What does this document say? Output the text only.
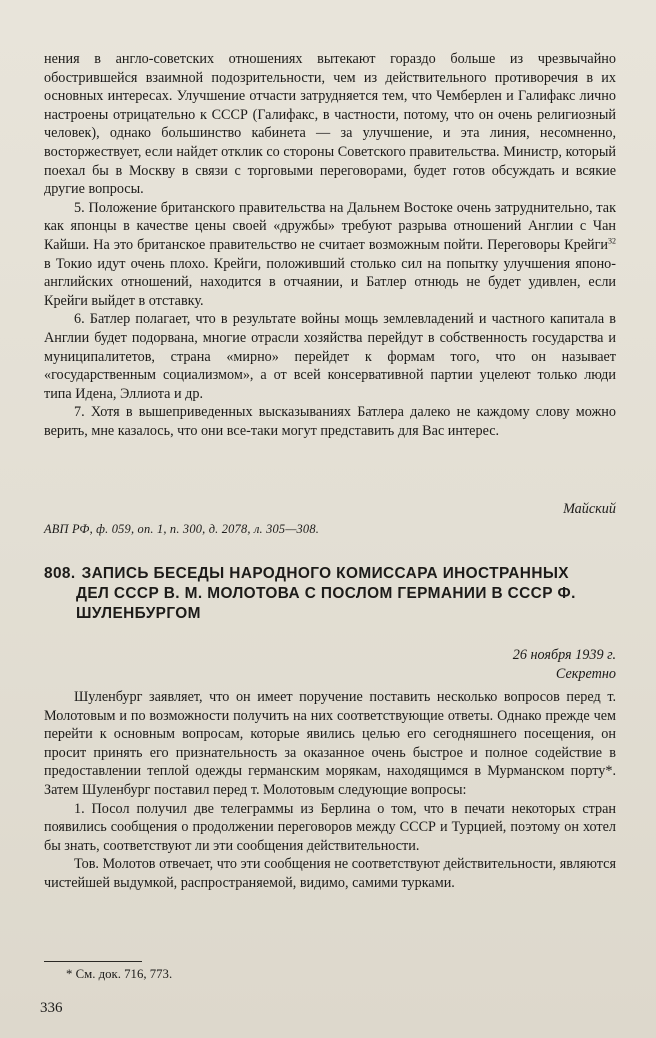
нения в англо-советских отношениях вытекают гораздо больше из чрезвычайно обострившейся взаимной подозрительности, чем из действительного противоречия в их основных интересах. Улучшение отчасти затрудняется тем, что Чемберлен и Галифакс лично настроены отрицательно к СССР (Галифакс, в частности, потому, что он очень религиозный человек), однако большинство кабинета — за улучшение, и эта линия, несомненно, восторжествует, если найдет отклик со стороны Советского правительства. Министр, который поехал бы в Москву в связи с торговыми переговорами, будет готов обсуждать и всякие другие вопросы.

5. Положение британского правительства на Дальнем Востоке очень затруднительно, так как японцы в качестве цены своей «дружбы» требуют разрыва отношений Англии с Чан Кайши. На это британское правительство не считает возможным пойти. Переговоры Крейги$^{32}$ в Токио идут очень плохо. Крейги, положивший столько сил на попытку улучшения японо-английских отношений, находится в отчаянии, и Батлер отнюдь не будет удивлен, если Крейги выйдет в отставку.

6. Батлер полагает, что в результате войны мощь землевладений и частного капитала в Англии будет подорвана, многие отрасли хозяйства перейдут в собственность государства и муниципалитетов, страна «мирно» перейдет к формам того, что он называет «государственным социализмом», а от всей консервативной партии уцелеют только люди типа Идена, Эллиота и др.

7. Хотя в вышеприведенных высказываниях Батлера далеко не каждому слову можно верить, мне казалось, что они все-таки могут представить для Вас интерес.

Майский
АВП РФ, ф. 059, оп. 1, п. 300, д. 2078, л. 305—308.
808. ЗАПИСЬ БЕСЕДЫ НАРОДНОГО КОМИССАРА ИНОСТРАННЫХ
ДЕЛ СССР В. М. МОЛОТОВА С ПОСЛОМ ГЕРМАНИИ В СССР Ф. ШУЛЕНБУРГОМ
26 ноября 1939 г.
Секретно

Шуленбург заявляет, что он имеет поручение поставить несколько вопросов перед т. Молотовым и по возможности получить на них соответствующие ответы. Однако прежде чем перейти к основным вопросам, которые явились целью его сегодняшнего посещения, он просит принять его признательность за оказанное очень быстрое и полное содействие в предоставлении теплой одежды германским морякам, находящимся в Мурманском порту*. Затем Шуленбург поставил перед т. Молотовым следующие вопросы:

1. Посол получил две телеграммы из Берлина о том, что в печати некоторых стран появились сообщения о продолжении переговоров между СССР и Турцией, поэтому он хотел бы знать, соответствуют ли эти сообщения действительности.

Тов. Молотов отвечает, что эти сообщения не соответствуют действительности, являются чистейшей выдумкой, распространяемой, видимо, самими турками.

* См. док. 716, 773.
336
